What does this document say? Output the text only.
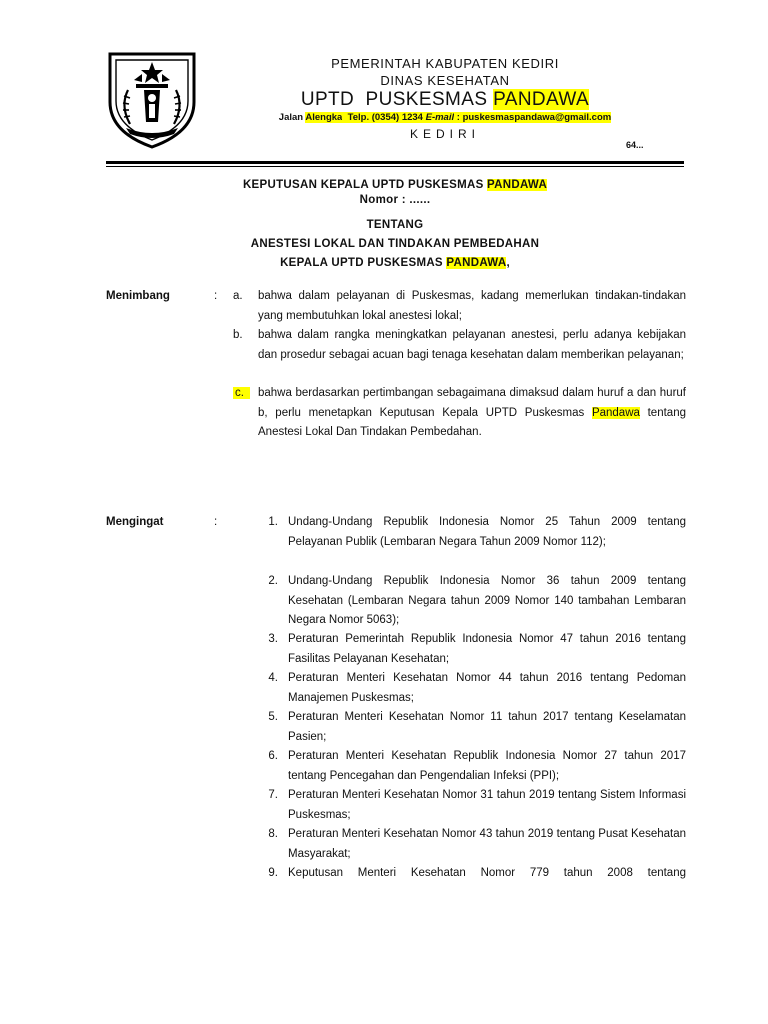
PEMERINTAH KABUPATEN KEDIRI
DINAS KESEHATAN
UPTD  PUSKESMAS PANDAWA
Jalan Alengka  Telp. (0354) 1234 E-mail : puskesmaspandawa@gmail.com
KEDIRI
64...
KEPUTUSAN KEPALA UPTD PUSKESMAS PANDAWA
Nomor : ......
TENTANG
ANESTESI LOKAL DAN TINDAKAN PEMBEDAHAN
KEPALA UPTD PUSKESMAS PANDAWA,
Menimbang	: a. bahwa dalam pelayanan di Puskesmas, kadang memerlukan tindakan-tindakan yang membutuhkan lokal anestesi lokal;
b. bahwa dalam rangka meningkatkan pelayanan anestesi, perlu adanya kebijakan dan prosedur sebagai acuan bagi tenaga kesehatan dalam memberikan pelayanan;
c.	bahwa berdasarkan pertimbangan sebagaimana dimaksud dalam huruf a dan huruf b, perlu menetapkan Keputusan Kepala UPTD Puskesmas Pandawa tentang Anestesi Lokal Dan Tindakan Pembedahan.
Mengingat	:	1. Undang-Undang Republik Indonesia Nomor 25 Tahun 2009 tentang Pelayanan Publik (Lembaran Negara Tahun 2009 Nomor 112);
2. Undang-Undang Republik Indonesia Nomor 36 tahun 2009 tentang Kesehatan (Lembaran Negara tahun 2009 Nomor 140 tambahan Lembaran Negara Nomor 5063);
3. Peraturan Pemerintah Republik Indonesia Nomor 47 tahun 2016 tentang Fasilitas Pelayanan Kesehatan;
4. Peraturan Menteri Kesehatan Nomor 44 tahun 2016 tentang Pedoman Manajemen Puskesmas;
5. Peraturan Menteri Kesehatan Nomor 11 tahun 2017 tentang Keselamatan Pasien;
6. Peraturan Menteri Kesehatan Republik Indonesia Nomor 27 tahun 2017 tentang Pencegahan dan Pengendalian Infeksi (PPI);
7. Peraturan Menteri Kesehatan Nomor 31 tahun 2019 tentang Sistem Informasi Puskesmas;
8. Peraturan Menteri Kesehatan Nomor 43 tahun 2019 tentang Pusat Kesehatan Masyarakat;
9. Keputusan Menteri Kesehatan Nomor 779 tahun 2008 tentang
